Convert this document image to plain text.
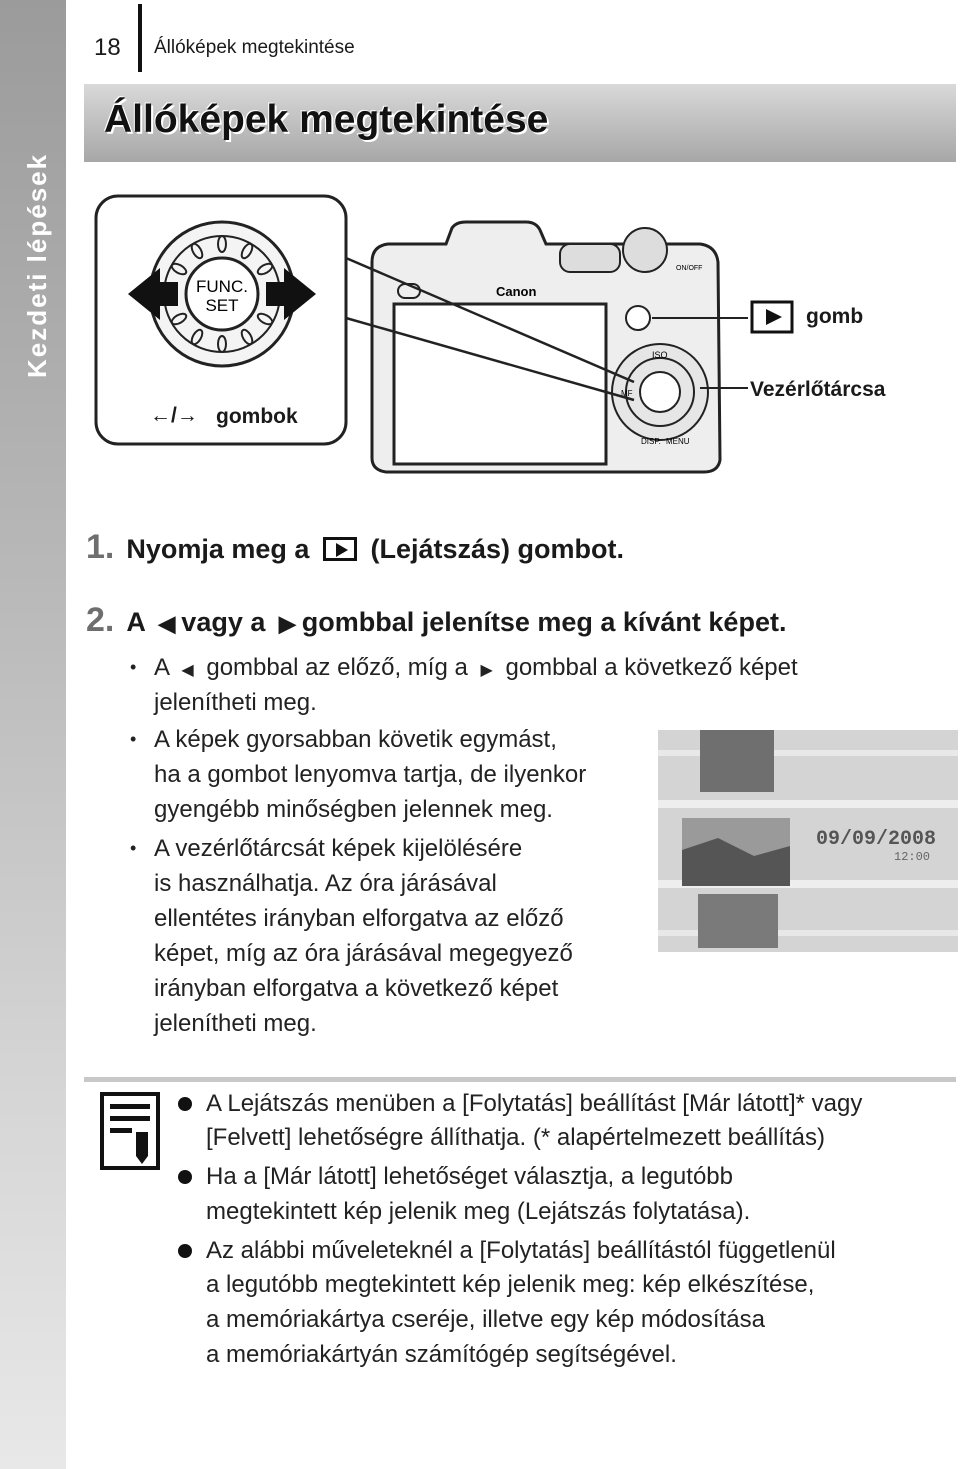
Kezdeti lépések
18 Állóképek megtekintése
Állóképek megtekintése
FUNC.
SET
Canon
ISO
DISP. MENU
MF
ON/OFF
gomb
Vezérlőtárcsa
←/→ gombok
1. Nyomja meg a (Lejátszás) gombot.
2. A ◀ vagy a ▶ gombbal jelenítse meg a kívánt képet.
• A ◀ gombbal az előző, míg a ▶ gombbal a következő képet
jelenítheti meg.
• A képek gyorsabban követik egymást,
ha a gombot lenyomva tartja, de ilyenkor
gyengébb minőségben jelennek meg.
• A vezérlőtárcsát képek kijelölésére
is használhatja. Az óra járásával
ellentétes irányban elforgatva az előző
képet, míg az óra járásával megegyező
irányban elforgatva a következő képet
jelenítheti meg.
09/09/2008
12:00
A Lejátszás menüben a [Folytatás] beállítást [Már látott]* vagy
[Felvett] lehetőségre állíthatja. (* alapértelmezett beállítás)
Ha a [Már látott] lehetőséget választja, a legutóbb
megtekintett kép jelenik meg (Lejátszás folytatása).
Az alábbi műveleteknél a [Folytatás] beállítástól függetlenül
a legutóbb megtekintett kép jelenik meg: kép elkészítése,
a memóriakártya cseréje, illetve egy kép módosítása
a memóriakártyán számítógép segítségével.
